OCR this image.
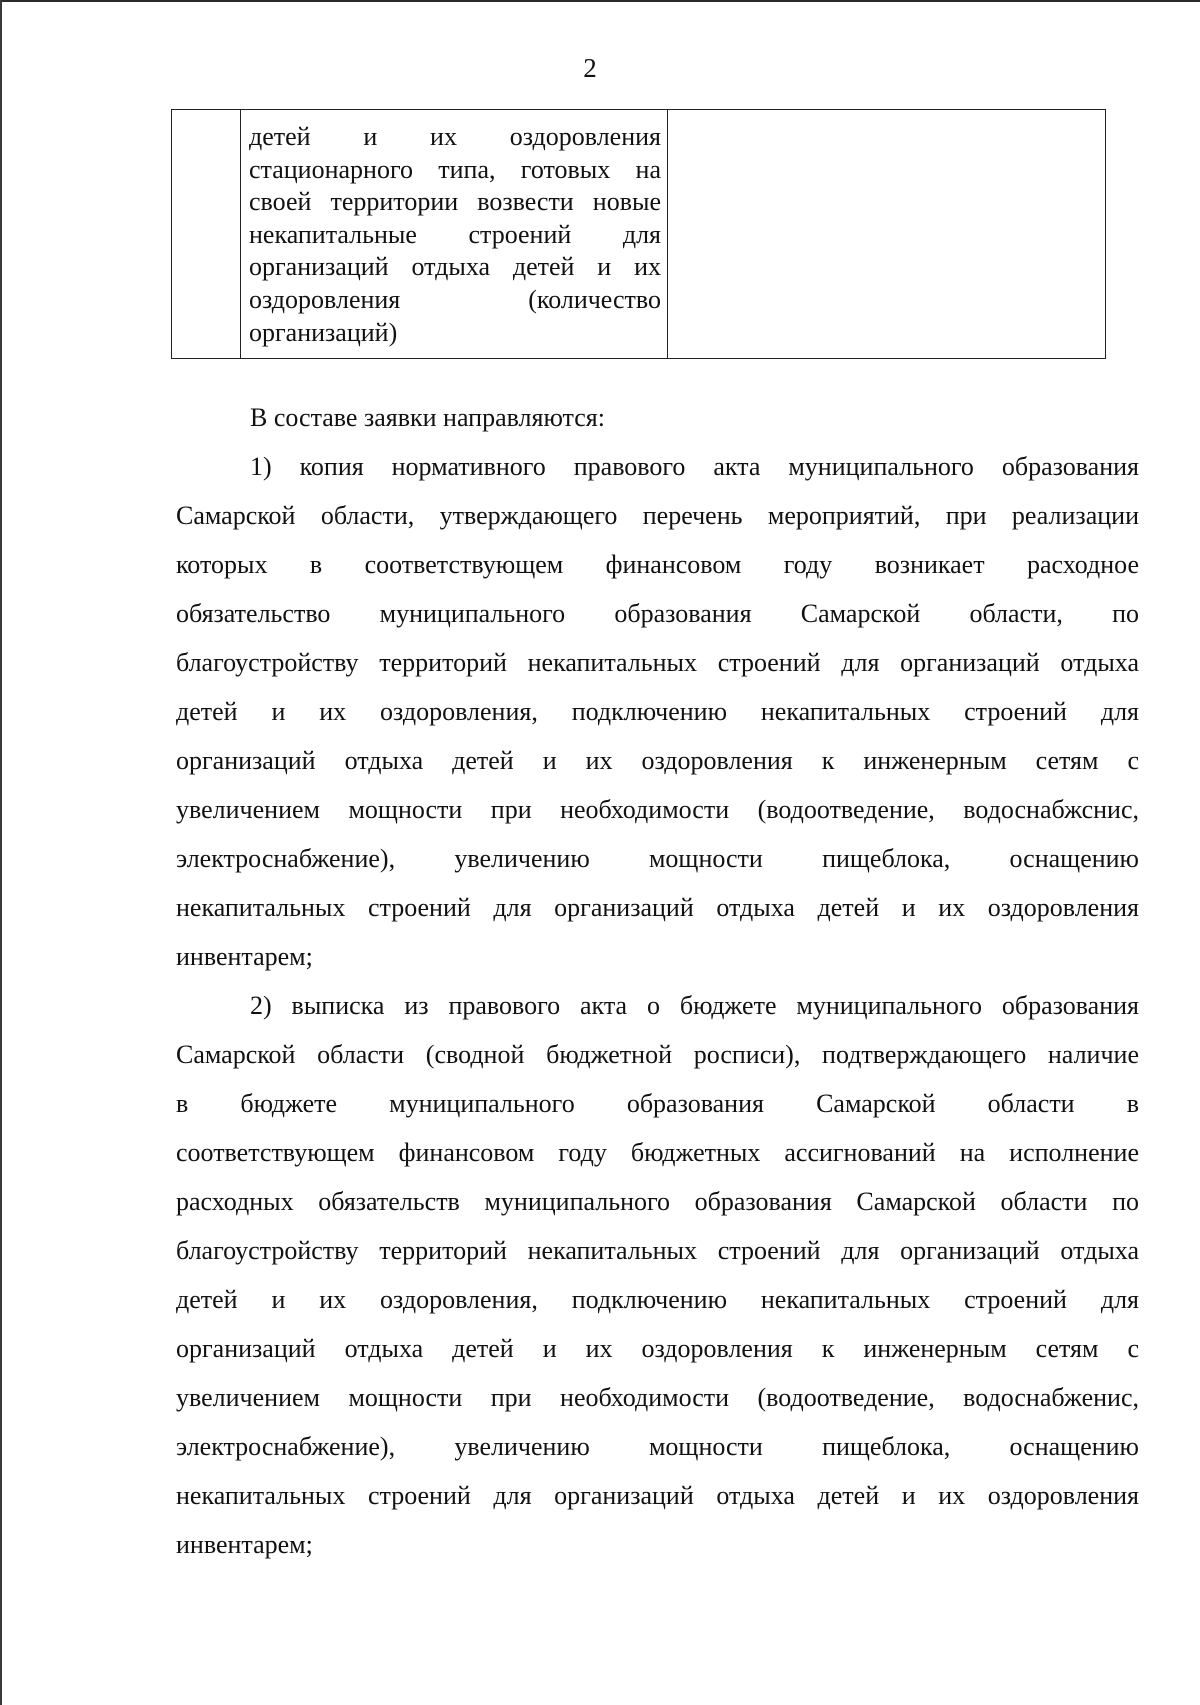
2

детей и их оздоровления
стационарного типа, готовых на
своей территории возвести новые
некапитальные строений для
организаций отдыха детей и их
оздоровления (количество
организаций)

В составе заявки направляются:

1) копия нормативного правового акта муниципального образования
Самарской области, утверждающего перечень мероприятий, при реализации
которых в соответствующем финансовом году возникает расходное
обязательство муниципального образования Самарской области, по
благоустройству территорий некапитальных строений для организаций отдыха
детей и их оздоровления, подключению некапитальных строений для
организаций отдыха детей и их оздоровления к инженерным сетям с
увеличением мощности при необходимости (водоотведение, водоснабжснис,
электроснабжение), увеличению мощности пищеблока, оснащению
некапитальных строений для организаций отдыха детей и их оздоровления
инвентарем;

2) выписка из правового акта о бюджете муниципального образования
Самарской области (сводной бюджетной росписи), подтверждающего наличие
в бюджете муниципального образования Самарской области в
соответствующем финансовом году бюджетных ассигнований на исполнение
расходных обязательств муниципального образования Самарской области по
благоустройству территорий некапитальных строений для организаций отдыха
детей и их оздоровления, подключению некапитальных строений для
организаций отдыха детей и их оздоровления к инженерным сетям с
увеличением мощности при необходимости (водоотведение, водоснабженис,
электроснабжение), увеличению мощности пищеблока, оснащению
некапитальных строений для организаций отдыха детей и их оздоровления
инвентарем;
